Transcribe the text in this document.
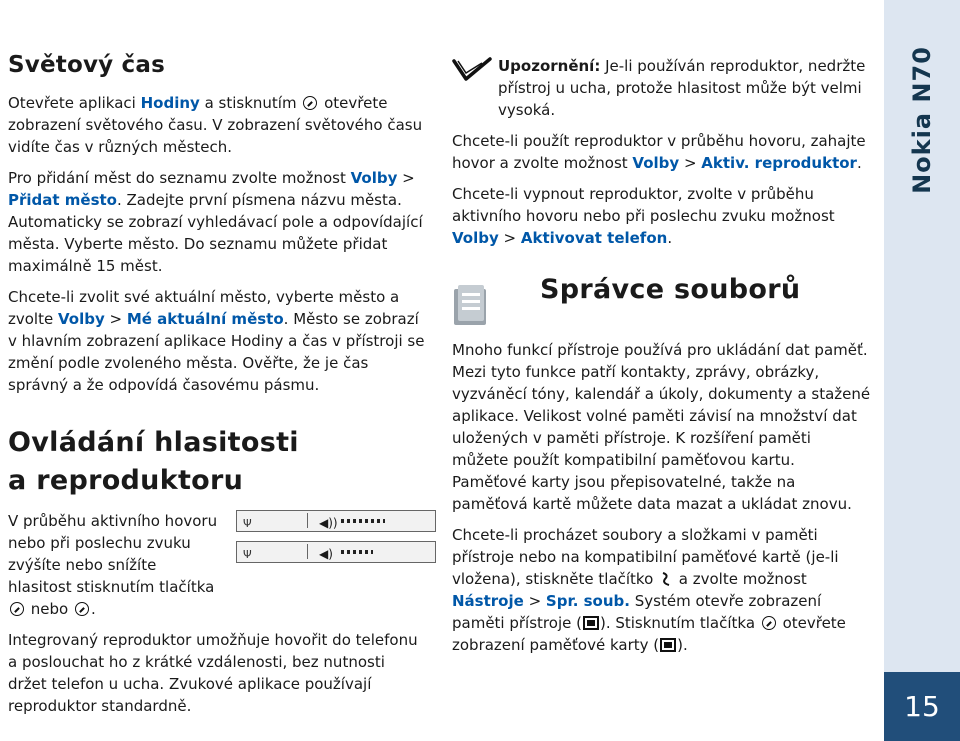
Nokia N70
15
Světový čas

Otevřete aplikaci Hodiny a stisknutím  otevřete zobrazení světového času. V zobrazení světového času vidíte čas v různých městech.

Pro přidání měst do seznamu zvolte možnost Volby > Přidat město. Zadejte první písmena názvu města. Automaticky se zobrazí vyhledávací pole a odpovídající města. Vyberte město. Do seznamu můžete přidat maximálně 15 měst.

Chcete-li zvolit své aktuální město, vyberte město a zvolte Volby > Mé aktuální město. Město se zobrazí v hlavním zobrazení aplikace Hodiny a čas v přístroji se změní podle zvoleného města. Ověřte, že je čas správný a že odpovídá časovému pásmu.

Ovládání hlasitosti
a reproduktoru

V průběhu aktivního hovoru nebo při poslechu zvuku zvýšíte nebo snížíte hlasitost stisknutím tlačítka  nebo .

Ψ	◀))
Ψ	◀)

Integrovaný reproduktor umožňuje hovořit do telefonu a poslouchat ho z krátké vzdálenosti, bez nutnosti držet telefon u ucha. Zvukové aplikace používají reproduktor standardně.

Upozornění: Je-li používán reproduktor, nedržte přístroj u ucha, protože hlasitost může být velmi vysoká.

Chcete-li použít reproduktor v průběhu hovoru, zahajte hovor a zvolte možnost Volby > Aktiv. reproduktor.

Chcete-li vypnout reproduktor, zvolte v průběhu aktivního hovoru nebo při poslechu zvuku možnost Volby > Aktivovat telefon.

Správce souborů

Mnoho funkcí přístroje používá pro ukládání dat paměť. Mezi tyto funkce patří kontakty, zprávy, obrázky, vyzváněcí tóny, kalendář a úkoly, dokumenty a stažené aplikace. Velikost volné paměti závisí na množství dat uložených v paměti přístroje. K rozšíření paměti můžete použít kompatibilní paměťovou kartu. Paměťové karty jsou přepisovatelné, takže na paměťová kartě můžete data mazat a ukládat znovu.

Chcete-li procházet soubory a složkami v paměti přístroje nebo na kompatibilní paměťové kartě (je-li vložena), stiskněte tlačítko  a zvolte možnost Nástroje > Spr. soub. Systém otevře zobrazení paměti přístroje ( ). Stisknutím tlačítka  otevřete zobrazení paměťové karty ( ).
